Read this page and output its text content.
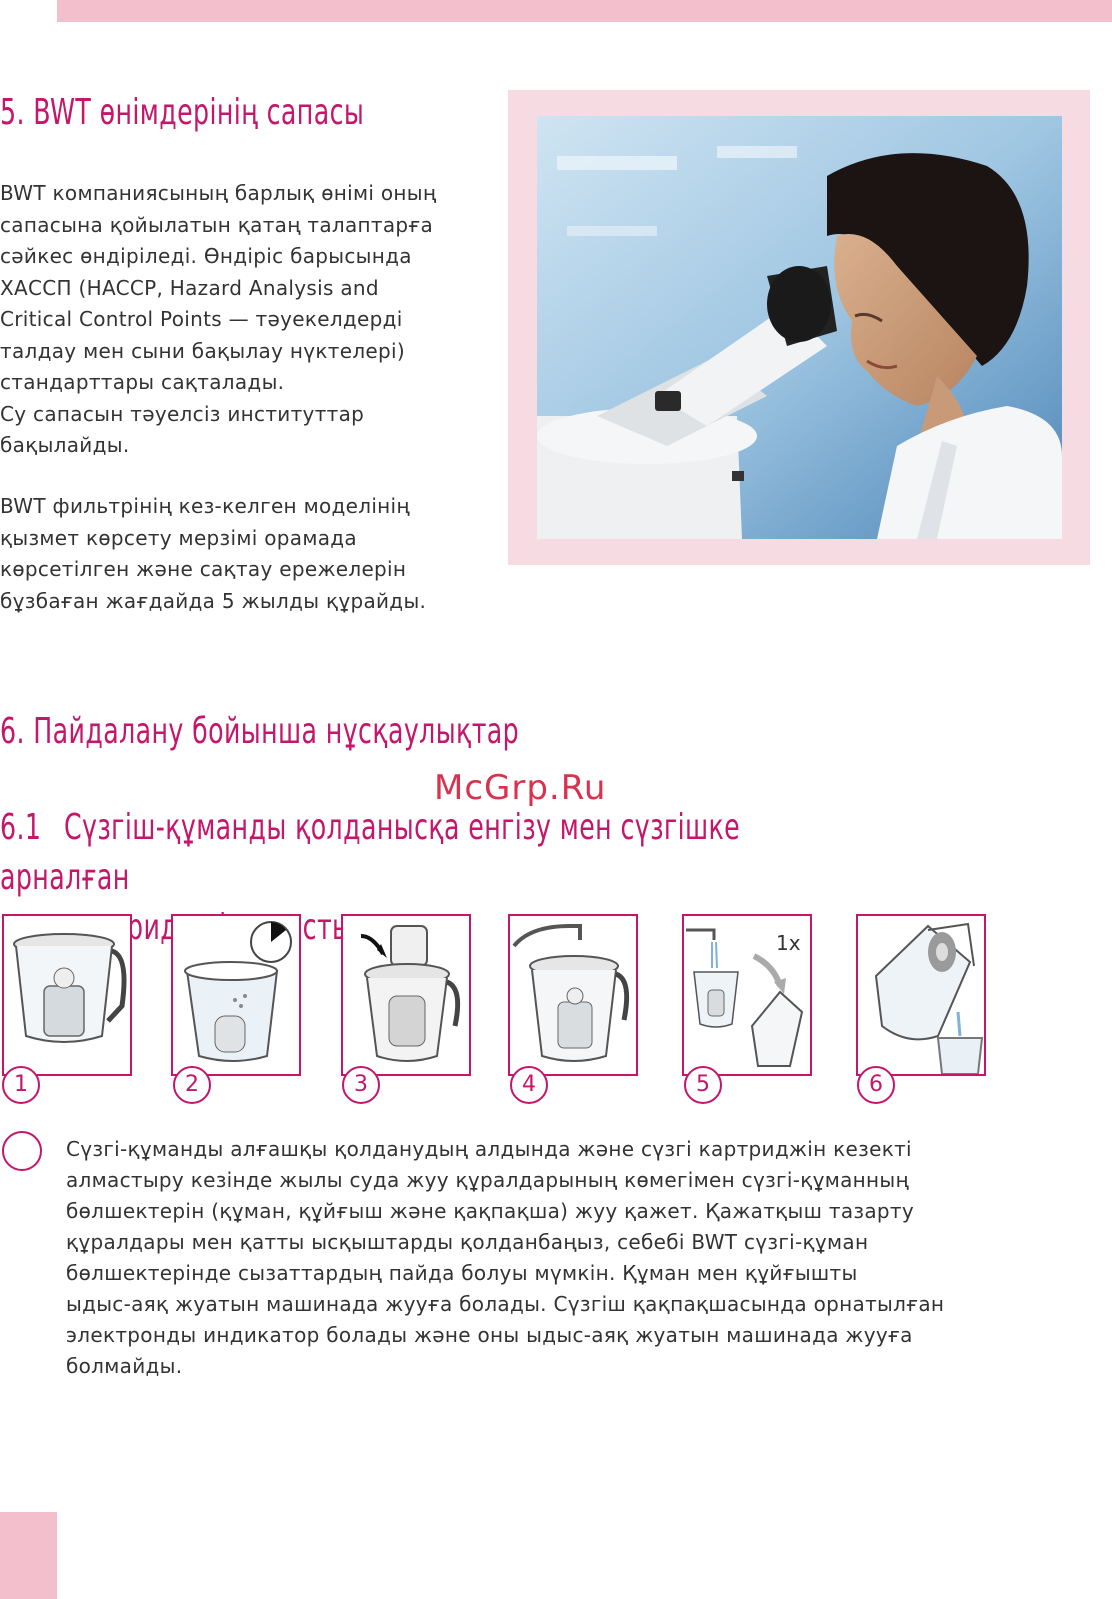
5. BWT өнімдерінің сапасы

BWT компаниясының барлық өнімі оның
сапасына қойылатын қатаң талаптарға
сәйкес өндіріледі. Өндіріс барысында
ХАССП (HACCP, Hazard Analysis and
Critical Control Points — тәуекелдерді
талдау мен сыни бақылау нүктелері)
стандарттары сақталады.
Су сапасын тәуелсіз институттар
бақылайды.

BWT фильтрінің кез-келген моделінің
қызмет көрсету мерзімі орамада
көрсетілген және сақтау ережелерін
бұзбаған жағдайда 5 жылды құрайды.

6. Пайдалану бойынша нұсқаулықтар
McGrp.Ru
6.1 Сүзгіш-құманды қолданысқа енгізу мен сүзгішке арналған
картриджді алмастыру	1x
1	2	3	4	5	6

Сүзгі-құманды алғашқы қолданудың алдында және сүзгі картриджін кезекті
алмастыру кезінде жылы суда жуу құралдарының көмегімен сүзгі-құманның
бөлшектерін (құман, құйғыш және қақпақша) жуу қажет. Қажатқыш тазарту
құралдары мен қатты ысқыштарды қолданбаңыз, себебі BWT сүзгі-құман
бөлшектерінде сызаттардың пайда болуы мүмкін. Құман мен құйғышты
ыдыс-аяқ жуатын машинада жууға болады. Сүзгіш қақпақшасында орнатылған
электронды индикатор болады және оны ыдыс-аяқ жуатын машинада жууға
болмайды.
